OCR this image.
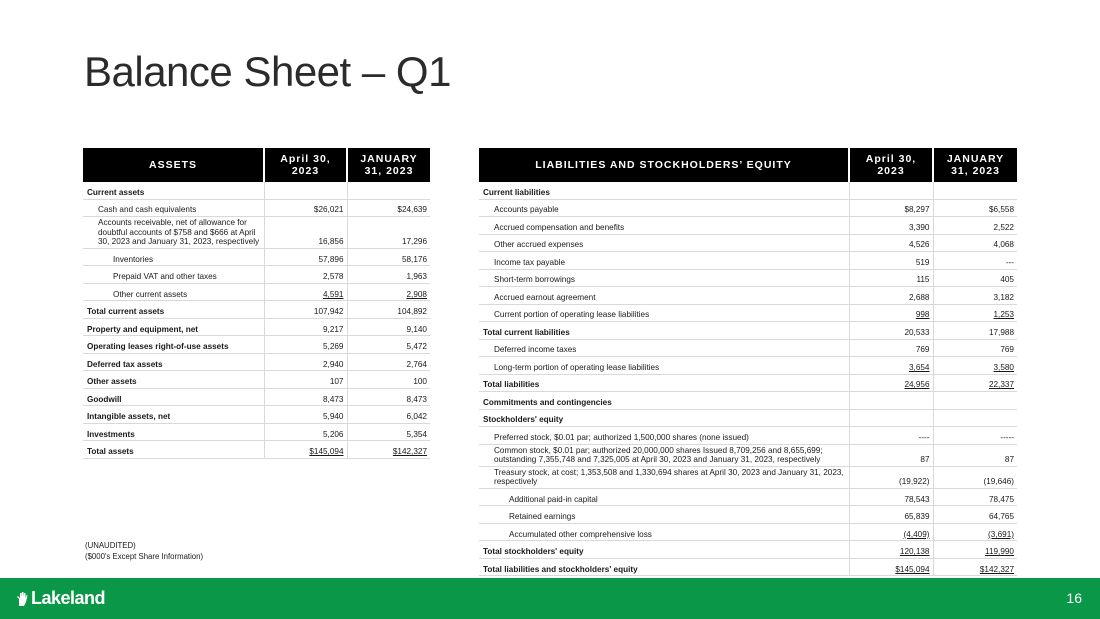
Balance Sheet – Q1
ASSETS	April 30, 2023	JANUARY 31, 2023
Current assets		
Cash and cash equivalents	$26,021	$24,639
Accounts receivable, net of allowance for doubtful accounts of $758 and $666 at April 30, 2023 and January 31, 2023, respectively	16,856	17,296
Inventories	57,896	58,176
Prepaid VAT and other taxes	2,578	1,963
Other current assets	4,591	2,908
Total current assets	107,942	104,892
Property and equipment, net	9,217	9,140
Operating leases right-of-use assets	5,269	5,472
Deferred tax assets	2,940	2,764
Other assets	107	100
Goodwill	8,473	8,473
Intangible assets, net	5,940	6,042
Investments	5,206	5,354
Total assets	$145,094	$142,327
LIABILITIES AND STOCKHOLDERS’ EQUITY	April 30, 2023	JANUARY 31, 2023
Current liabilities		
Accounts payable	$8,297	$6,558
Accrued compensation and benefits	3,390	2,522
Other accrued expenses	4,526	4,068
Income tax payable	519	---
Short-term borrowings	115	405
Accrued earnout agreement	2,688	3,182
Current portion of operating lease liabilities	998	1,253
Total current liabilities	20,533	17,988
Deferred income taxes	769	769
Long-term portion of operating lease liabilities	3,654	3,580
Total liabilities	24,956	22,337
Commitments and contingencies		
Stockholders' equity		
Preferred stock, $0.01 par; authorized 1,500,000 shares (none issued)	----	-----
Common stock, $0.01 par; authorized 20,000,000 shares Issued 8,709,256 and 8,655,699; outstanding 7,355,748 and 7,325,005 at April 30, 2023 and January 31, 2023, respectively	87	87
Treasury stock, at cost; 1,353,508 and 1,330,694 shares at April 30, 2023 and January 31, 2023, respectively	(19,922)	(19,646)
Additional paid-in capital	78,543	78,475
Retained earnings	65,839	64,765
Accumulated other comprehensive loss	(4,409)	(3,691)
Total stockholders' equity	120,138	119,990
Total liabilities and stockholders' equity	$145,094	$142,327
(UNAUDITED)
($000's Except Share Information)
Lakeland	16
